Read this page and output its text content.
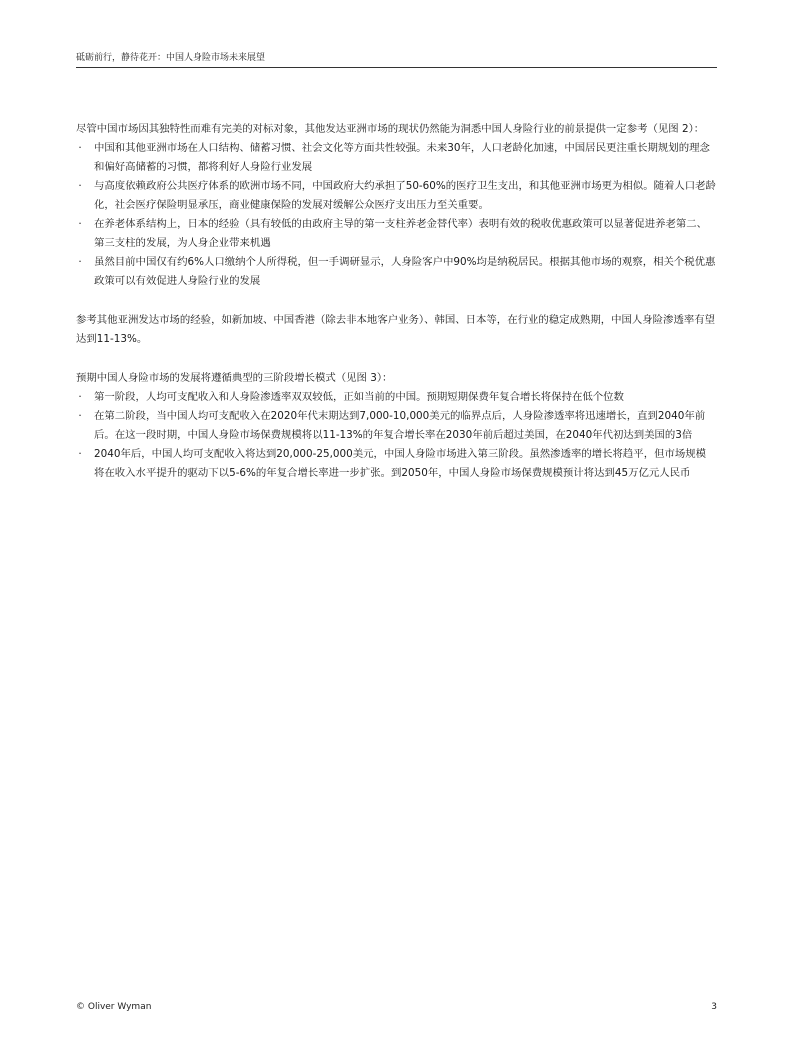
砥砺前行，静待花开：中国人身险市场未来展望

尽管中国市场因其独特性而难有完美的对标对象，其他发达亚洲市场的现状仍然能为洞悉中国人身险行业的前景提供一定参考（见图 2）：

· 中国和其他亚洲市场在人口结构、储蓄习惯、社会文化等方面共性较强。未来30年，人口老龄化加速，中国居民更注重长期规划的理念和偏好高储蓄的习惯，都将利好人身险行业发展
· 与高度依赖政府公共医疗体系的欧洲市场不同，中国政府大约承担了50-60%的医疗卫生支出，和其他亚洲市场更为相似。随着人口老龄化，社会医疗保险明显承压，商业健康保险的发展对缓解公众医疗支出压力至关重要。
· 在养老体系结构上，日本的经验（具有较低的由政府主导的第一支柱养老金替代率）表明有效的税收优惠政策可以显著促进养老第二、第三支柱的发展，为人身企业带来机遇
· 虽然目前中国仅有约6%人口缴纳个人所得税，但一手调研显示，人身险客户中90%均是纳税居民。根据其他市场的观察，相关个税优惠政策可以有效促进人身险行业的发展

参考其他亚洲发达市场的经验，如新加坡、中国香港（除去非本地客户业务）、韩国、日本等，在行业的稳定成熟期，中国人身险渗透率有望达到11-13%。

预期中国人身险市场的发展将遵循典型的三阶段增长模式（见图 3）：

· 第一阶段，人均可支配收入和人身险渗透率双双较低，正如当前的中国。预期短期保费年复合增长将保持在低个位数
· 在第二阶段，当中国人均可支配收入在2020年代末期达到7,000-10,000美元的临界点后，人身险渗透率将迅速增长，直到2040年前后。在这一段时期，中国人身险市场保费规模将以11-13%的年复合增长率在2030年前后超过美国，在2040年代初达到美国的3倍
· 2040年后，中国人均可支配收入将达到20,000-25,000美元，中国人身险市场进入第三阶段。虽然渗透率的增长将趋平，但市场规模将在收入水平提升的驱动下以5-6%的年复合增长率进一步扩张。到2050年，中国人身险市场保费规模预计将达到45万亿元人民币
© Oliver Wyman	3
